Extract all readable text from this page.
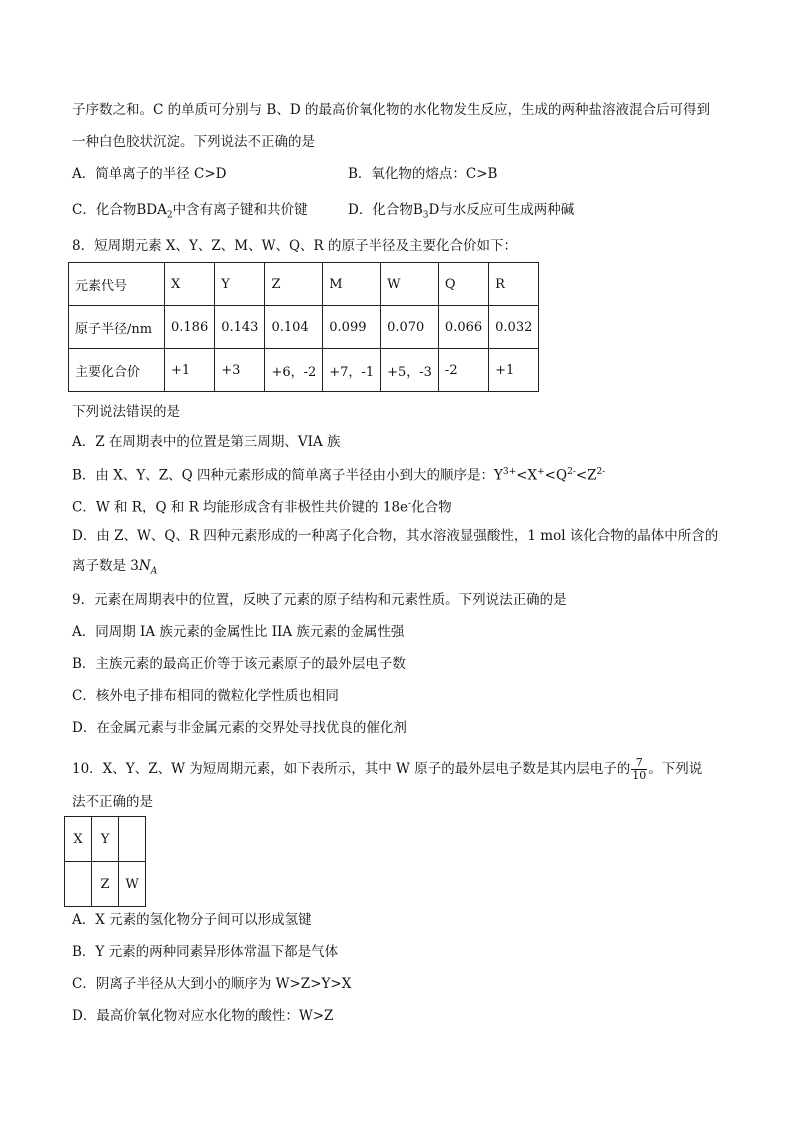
子序数之和。C 的单质可分别与 B、D 的最高价氧化物的水化物发生反应，生成的两种盐溶液混合后可得到
一种白色胶状沉淀。下列说法不正确的是
A．简单离子的半径 C>D	B．氧化物的熔点：C>B
C．化合物$BDA_2$中含有离子键和共价键	D．化合物$B_3D$与水反应可生成两种碱
8．短周期元素 X、Y、Z、M、W、Q、R 的原子半径及主要化合价如下：
元素代号	X	Y	Z	M	W	Q	R
原子半径/nm	0.186	0.143	0.104	0.099	0.070	0.066	0.032
主要化合价	+1	+3	+6，-2	+7，-1	+5，-3	-2	+1
下列说法错误的是
A．Z 在周期表中的位置是第三周期、VIA 族
B．由 X、Y、Z、Q 四种元素形成的简单离子半径由小到大的顺序是：$Y^{3+}<X^+<Q^{2-}<Z^{2-}$
C．W 和 R，Q 和 R 均能形成含有非极性共价键的 18e-化合物
D．由 Z、W、Q、R 四种元素形成的一种离子化合物，其水溶液显强酸性，1 mol 该化合物的晶体中所含的
离子数是 $3N_A$
9．元素在周期表中的位置，反映了元素的原子结构和元素性质。下列说法正确的是
A．同周期 IA 族元素的金属性比 IIA 族元素的金属性强
B．主族元素的最高正价等于该元素原子的最外层电子数
C．核外电子排布相同的微粒化学性质也相同
D．在金属元素与非金属元素的交界处寻找优良的催化剂
10．X、Y、Z、W 为短周期元素，如下表所示，其中 W 原子的最外层电子数是其内层电子的 $\frac{7}{10}$ 。下列说
法不正确的是
X	Y	
	Z	W
A．X 元素的氢化物分子间可以形成氢键
B．Y 元素的两种同素异形体常温下都是气体
C．阴离子半径从大到小的顺序为 W>Z>Y>X
D．最高价氧化物对应水化物的酸性：W>Z
